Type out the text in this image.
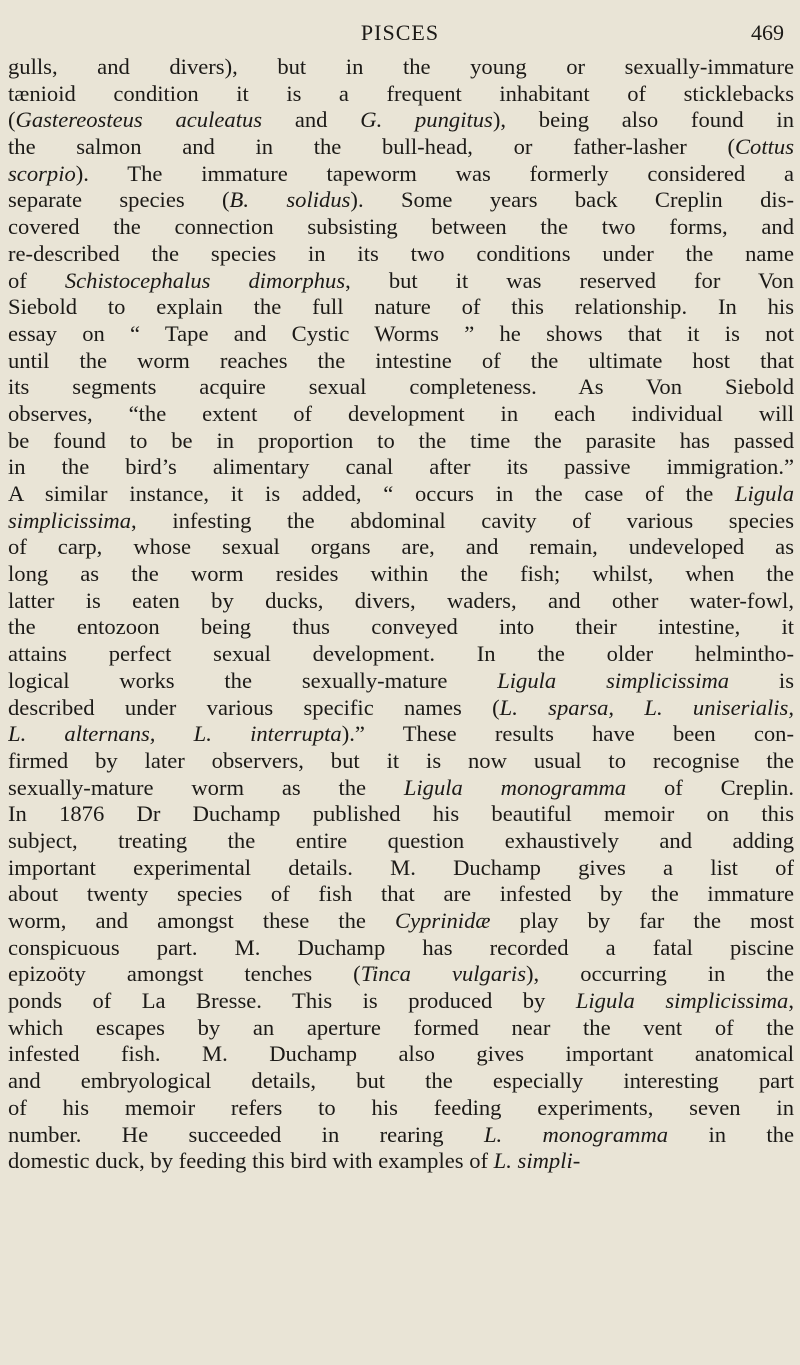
PISCES	469
gulls, and divers), but in the young or sexually-immature
tænioid condition it is a frequent inhabitant of sticklebacks
(Gastereosteus aculeatus and G. pungitus), being also found in
the salmon and in the bull-head, or father-lasher (Cottus
scorpio). The immature tapeworm was formerly considered a
separate species (B. solidus). Some years back Creplin dis-
covered the connection subsisting between the two forms, and
re-described the species in its two conditions under the name
of Schistocephalus dimorphus, but it was reserved for Von
Siebold to explain the full nature of this relationship. In his
essay on “ Tape and Cystic Worms ” he shows that it is not
until the worm reaches the intestine of the ultimate host that
its segments acquire sexual completeness. As Von Siebold
observes, “the extent of development in each individual will
be found to be in proportion to the time the parasite has passed
in the bird’s alimentary canal after its passive immigration.”
A similar instance, it is added, “ occurs in the case of the Ligula
simplicissima, infesting the abdominal cavity of various species
of carp, whose sexual organs are, and remain, undeveloped as
long as the worm resides within the fish; whilst, when the
latter is eaten by ducks, divers, waders, and other water-fowl,
the entozoon being thus conveyed into their intestine, it
attains perfect sexual development. In the older helmintho-
logical works the sexually-mature Ligula simplicissima is
described under various specific names (L. sparsa, L. uniserialis,
L. alternans, L. interrupta).” These results have been con-
firmed by later observers, but it is now usual to recognise the
sexually-mature worm as the Ligula monogramma of Creplin.
In 1876 Dr Duchamp published his beautiful memoir on this
subject, treating the entire question exhaustively and adding
important experimental details. M. Duchamp gives a list of
about twenty species of fish that are infested by the immature
worm, and amongst these the Cyprinidæ play by far the most
conspicuous part. M. Duchamp has recorded a fatal piscine
epizoöty amongst tenches (Tinca vulgaris), occurring in the
ponds of La Bresse. This is produced by Ligula simplicissima,
which escapes by an aperture formed near the vent of the
infested fish. M. Duchamp also gives important anatomical
and embryological details, but the especially interesting part
of his memoir refers to his feeding experiments, seven in
number. He succeeded in rearing L. monogramma in the
domestic duck, by feeding this bird with examples of L. simpli-
